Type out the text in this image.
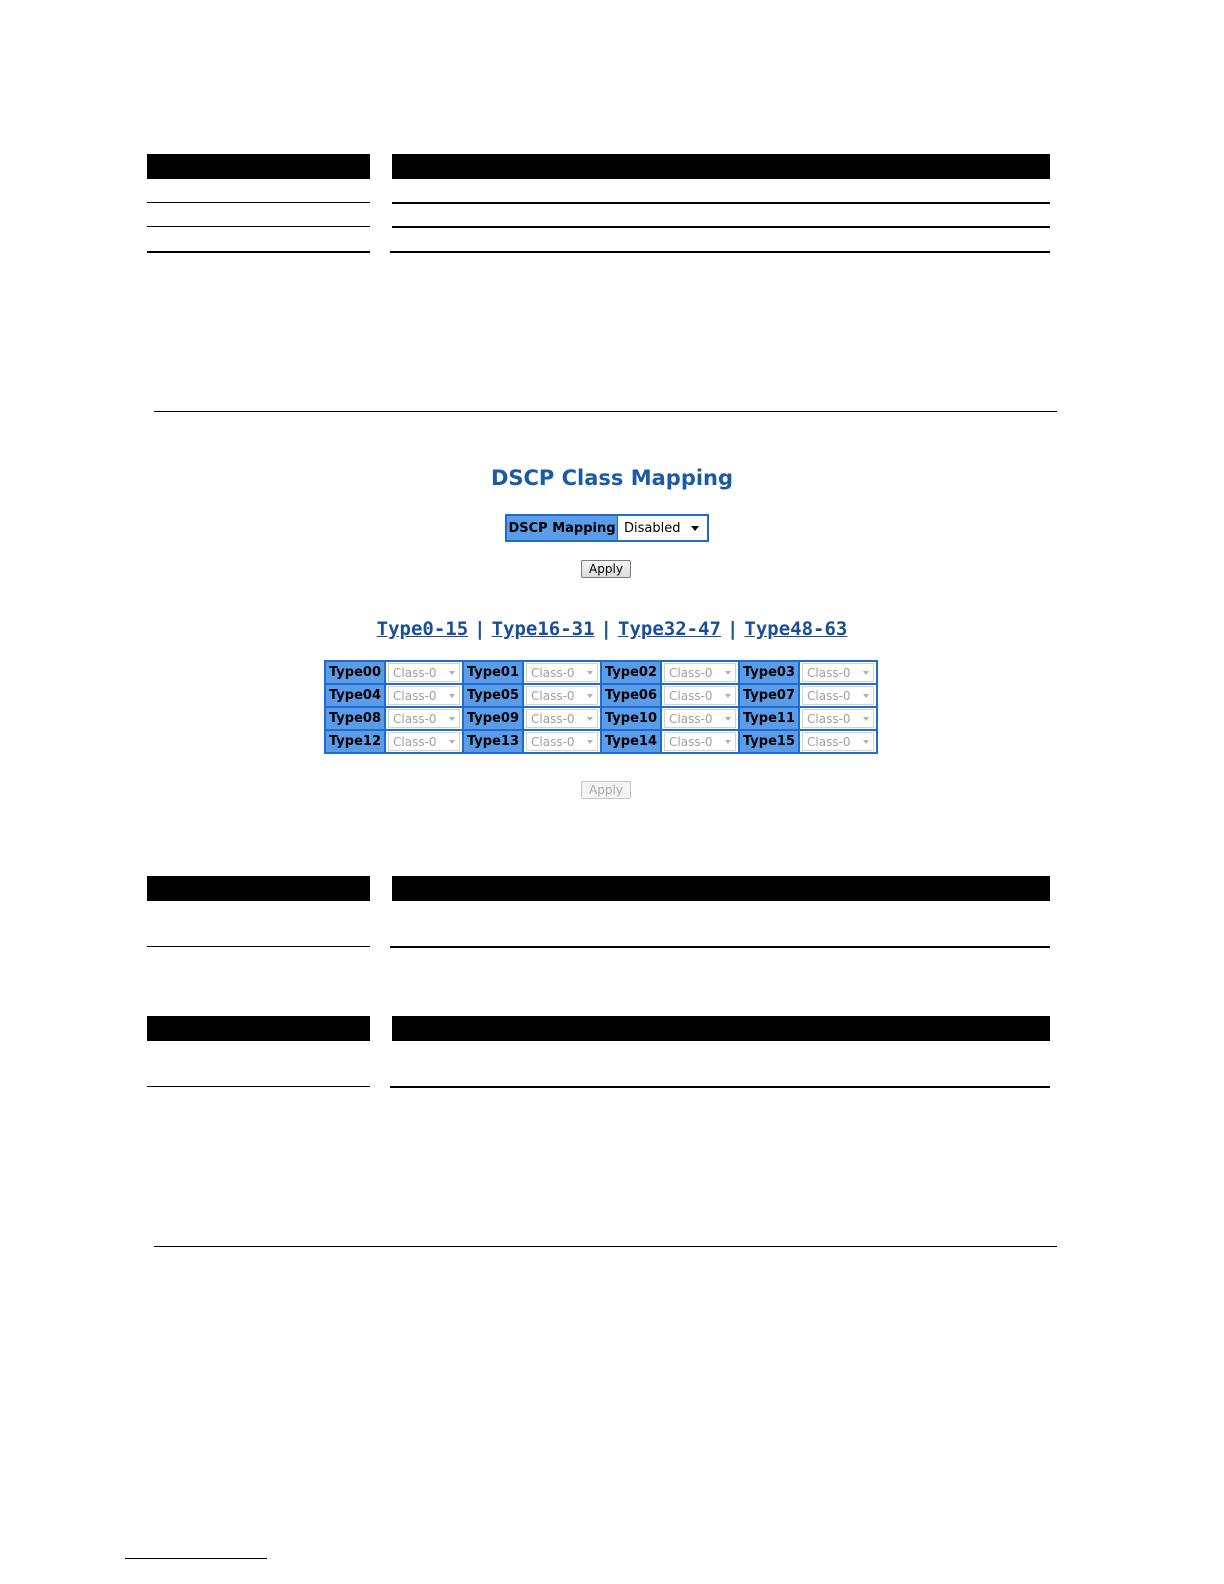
DSCP Class Mapping
DSCP Mapping Disabled
Apply
Type0-15 | Type16-31 | Type32-47 | Type48-63
Type00	Class-0	Type01	Class-0	Type02	Class-0	Type03	Class-0

Type04	Class-0	Type05	Class-0	Type06	Class-0	Type07	Class-0

Type08	Class-0	Type09	Class-0	Type10	Class-0	Type11	Class-0

Type12	Class-0	Type13	Class-0	Type14	Class-0	Type15	Class-0
Apply
